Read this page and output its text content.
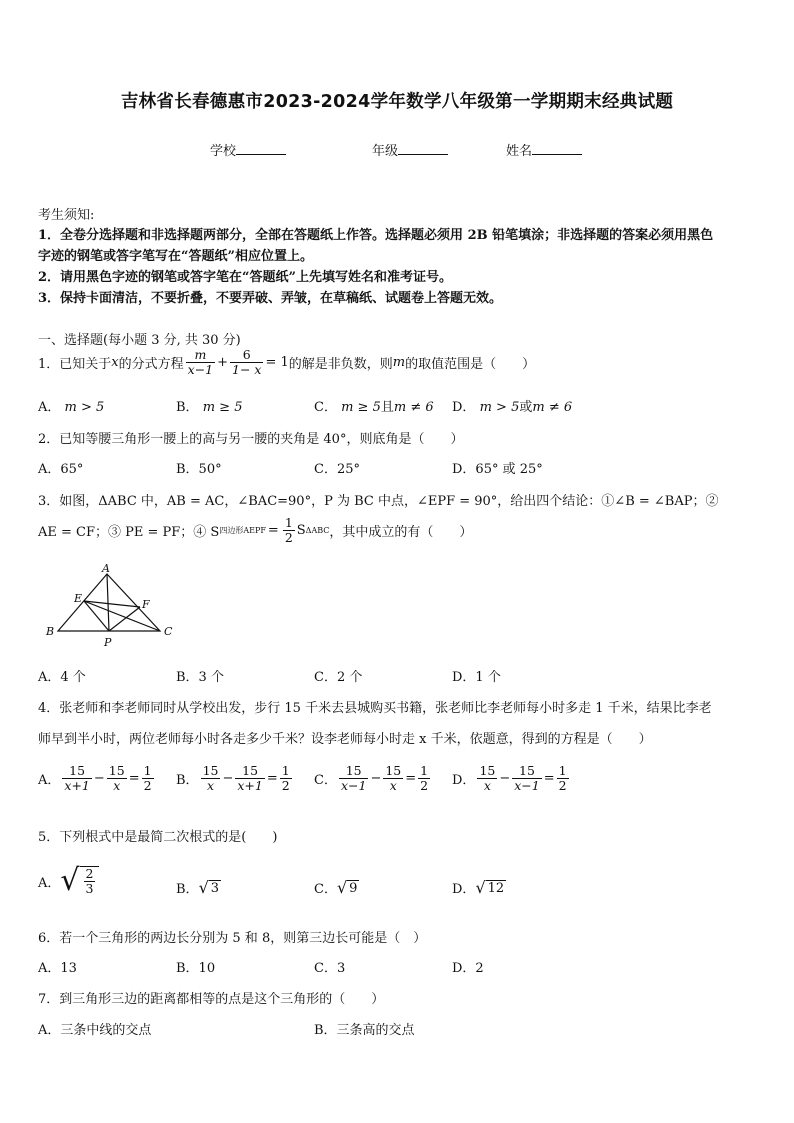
吉林省长春德惠市2023-2024学年数学八年级第一学期期末经典试题
学校	年级	姓名
考生须知:
1．全卷分选择题和非选择题两部分，全部在答题纸上作答。选择题必须用 2B 铅笔填涂；非选择题的答案必须用黑色
字迹的钢笔或答字笔写在“答题纸”相应位置上。
2．请用黑色字迹的钢笔或答字笔在“答题纸”上先填写姓名和准考证号。
3．保持卡面清洁，不要折叠，不要弄破、弄皱，在草稿纸、试题卷上答题无效。
一、选择题(每小题 3 分, 共 30 分)
1．已知关于 x 的分式方程 $\frac{m}{x-1} + \frac{6}{1- x} = 1$ 的解是非负数，则 m 的取值范围是（　　）
A． m > 5	B． m ≥ 5	C． m ≥ 5且m ≠ 6 D． m > 5或m ≠ 6
2．已知等腰三角形一腰上的高与另一腰的夹角是 40°，则底角是（　　）
A．65°	B．50°	C．25°	D．65° 或 25°
3．如图，ΔABC 中，AB = AC，∠BAC=90°，P 为 BC 中点，∠EPF = 90°，给出四个结论：①∠B = ∠BAP；②
AE = CF；③ PE = PF；④ S 四边形AEPF = $\frac{1}{2}$ S ΔABC ，其中成立的有（　　）
A
E	F
B
P
C
A．4 个	B．3 个	C．2 个	D．1 个
4．张老师和李老师同时从学校出发，步行 15 千米去县城购买书籍，张老师比李老师每小时多走 1 千米，结果比李老
师早到半小时，两位老师每小时各走多少千米？设李老师每小时走 x 千米，依题意，得到的方程是（　　）
A． $\frac{15}{x+1} - \frac{15}{x} = \frac{1}{2}$ B． $\frac{15}{x} - \frac{15}{x+1} = \frac{1}{2}$ C． $\frac{15}{x-1} - \frac{15}{x} = \frac{1}{2}$ D． $\frac{15}{x} - \frac{15}{x-1} = \frac{1}{2}$
5．下列根式中是最简二次根式的是(　　)
A． √ $\frac{2}{3}$	B． √ 3	C． √ 9	D． √ 12
6．若一个三角形的两边长分别为 5 和 8，则第三边长可能是（　）
A．13	B．10	C．3	D．2
7．到三角形三边的距离都相等的点是这个三角形的（　　）
A．三条中线的交点	B．三条高的交点
